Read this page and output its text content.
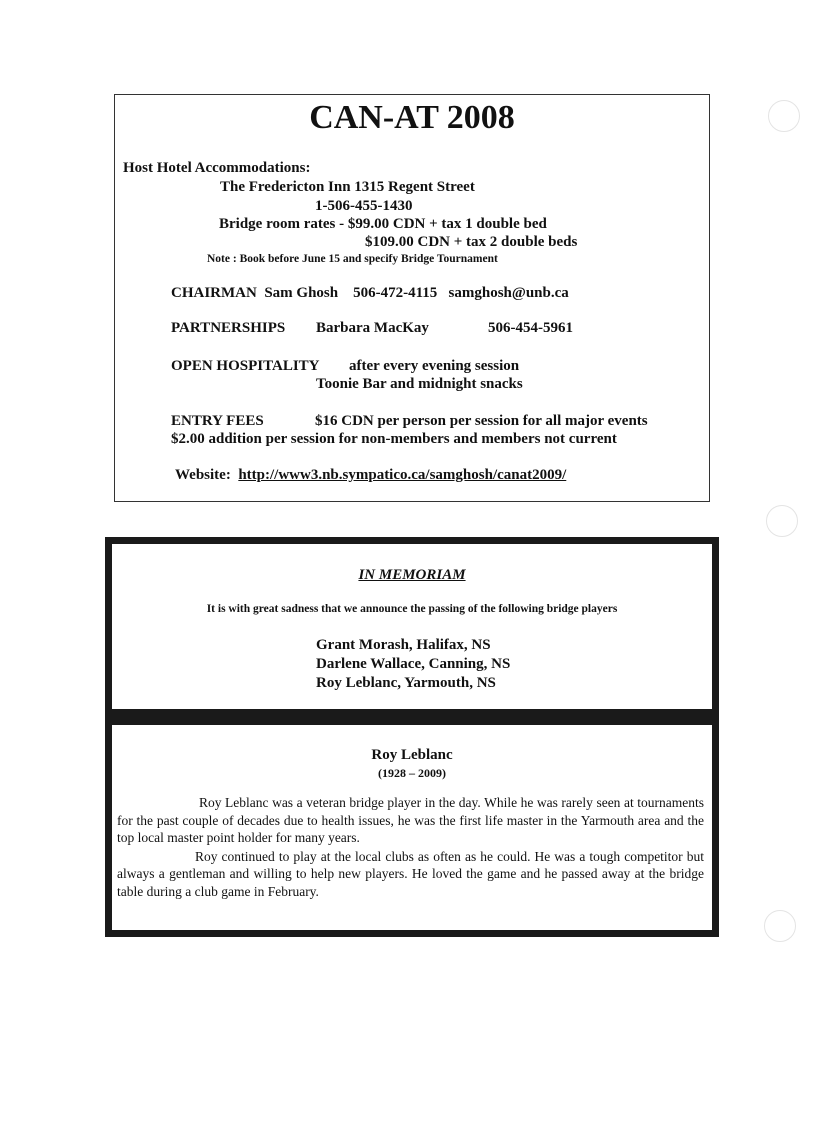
CAN-AT 2008
Host Hotel Accommodations:
The Fredericton Inn 1315 Regent Street
1-506-455-1430
Bridge room rates - $99.00 CDN + tax 1 double bed
$109.00 CDN + tax 2 double beds
Note : Book before June 15 and specify Bridge Tournament
CHAIRMAN Sam Ghosh 506-472-4115 samghosh@unb.ca
PARTNERSHIPS Barbara MacKay	506-454-5961
OPEN HOSPITALITY after every evening session
Toonie Bar and midnight snacks
ENTRY FEES	$16 CDN per person per session for all major events
$2.00 addition per session for non-members and members not current
Website: http://www3.nb.sympatico.ca/samghosh/canat2009/
IN MEMORIAM
It is with great sadness that we announce the passing of the following bridge players
Grant Morash, Halifax, NS
Darlene Wallace, Canning, NS
Roy Leblanc, Yarmouth, NS
Roy Leblanc
(1928 – 2009)

Roy Leblanc was a veteran bridge player in the day. While he was rarely seen at tournaments for the past couple of decades due to health issues, he was the first life master in the Yarmouth area and the top local master point holder for many years.

Roy continued to play at the local clubs as often as he could. He was a tough competitor but always a gentleman and willing to help new players. He loved the game and he passed away at the bridge table during a club game in February.
